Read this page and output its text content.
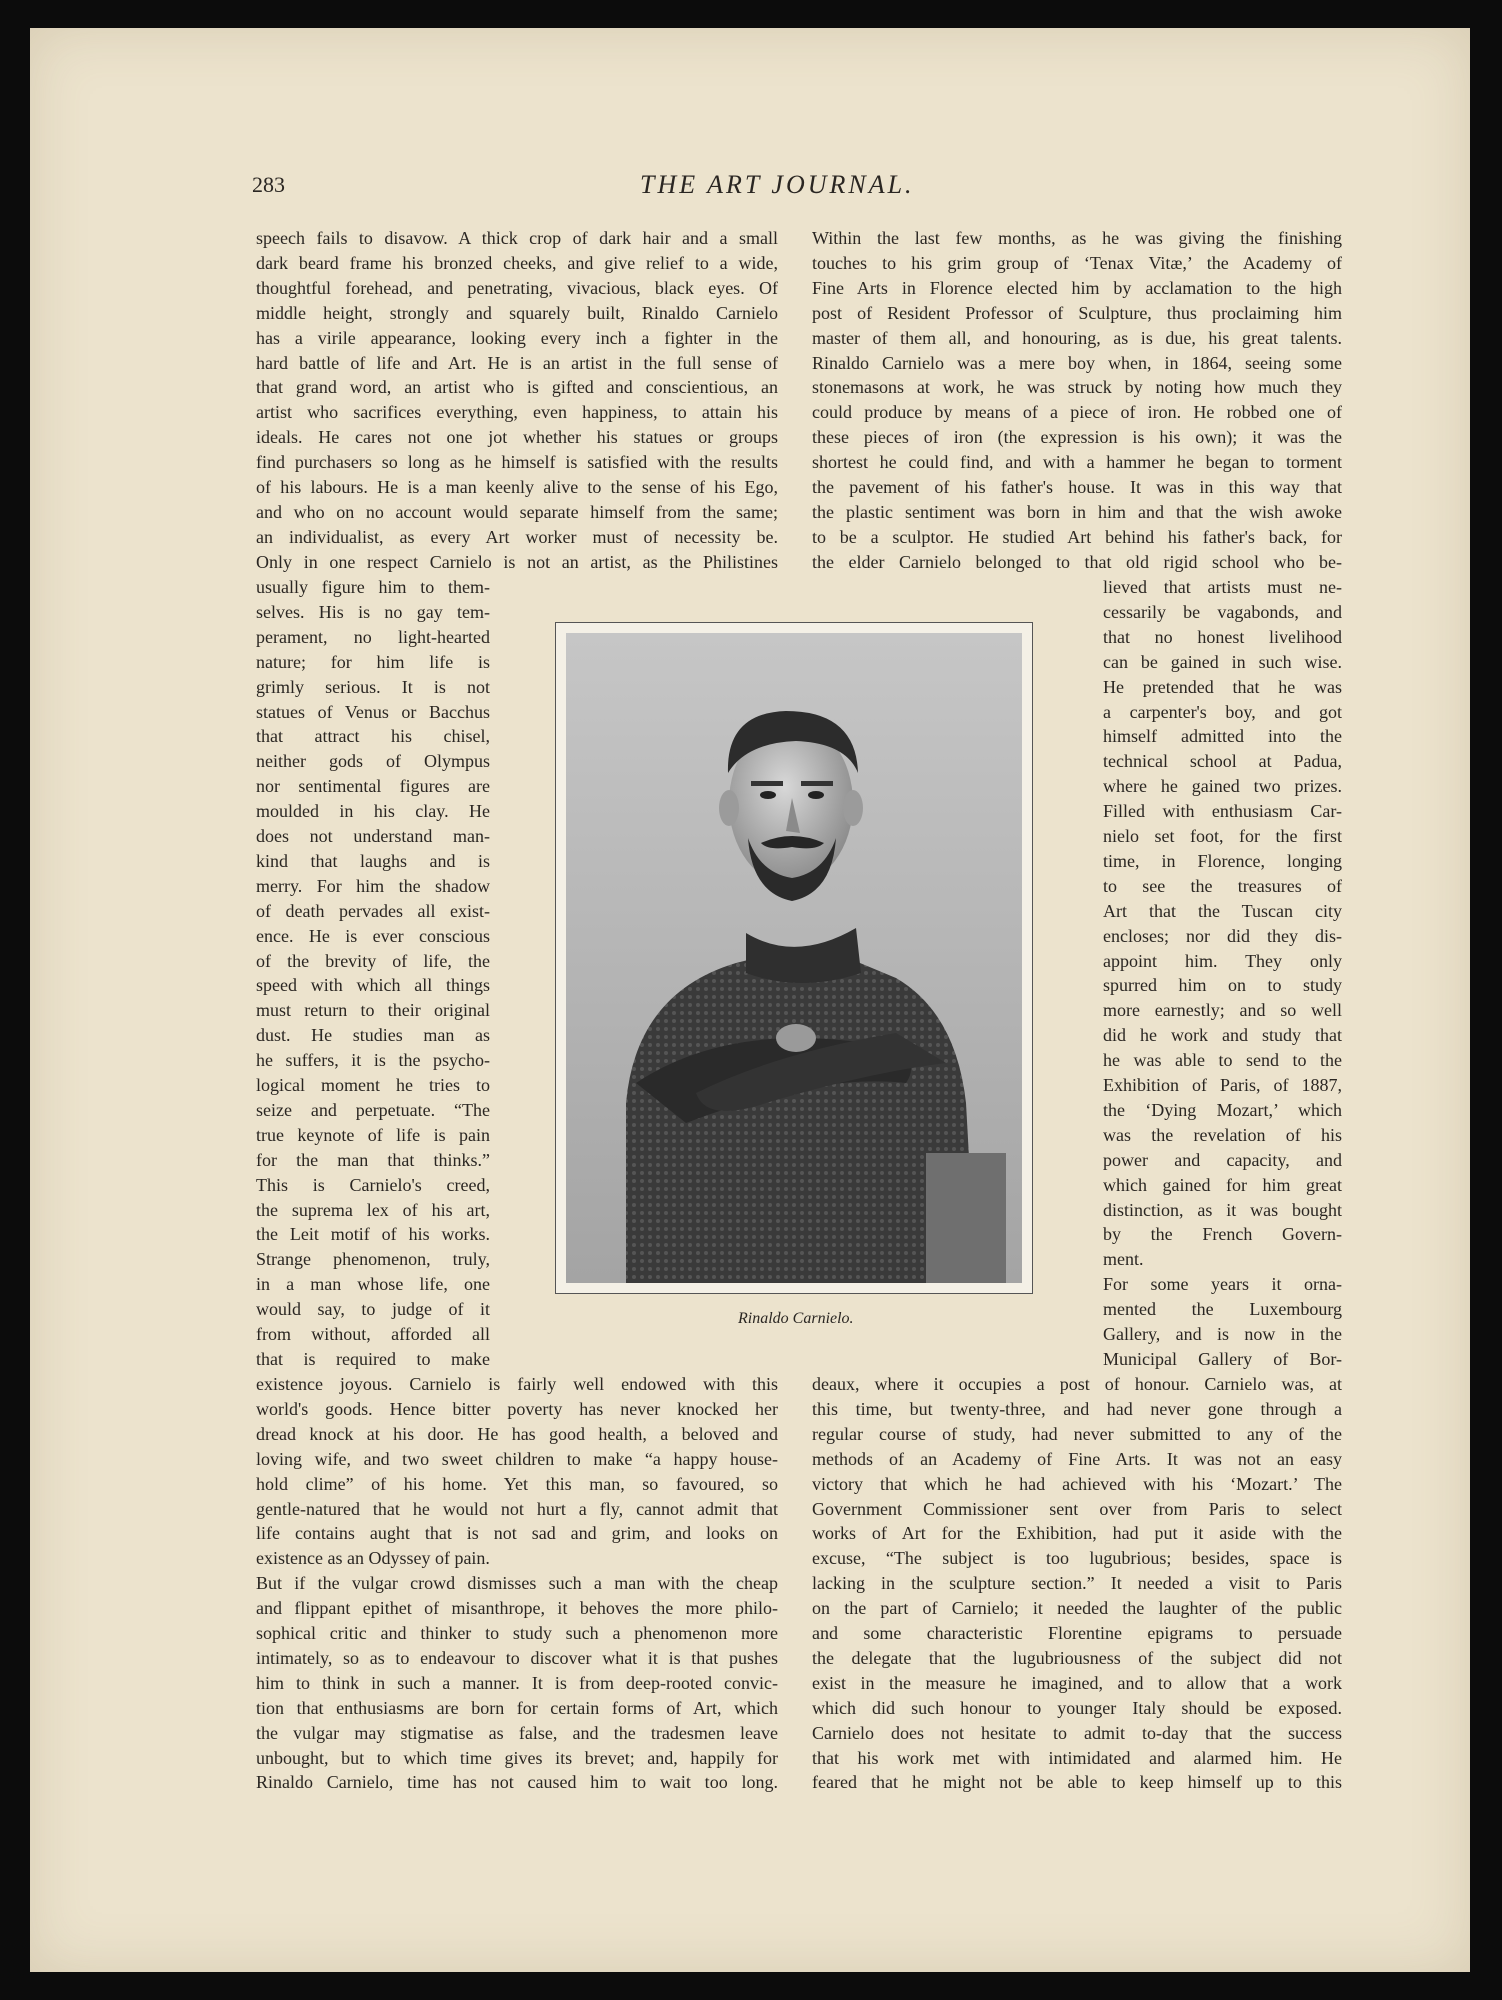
283	THE ART JOURNAL.
Rinaldo Carnielo.
speech fails to disavow. A thick crop of dark hair and a small
dark beard frame his bronzed cheeks, and give relief to a wide,
thoughtful forehead, and penetrating, vivacious, black eyes. Of
middle height, strongly and squarely built, Rinaldo Carnielo
has a virile appearance, looking every inch a fighter in the
hard battle of life and Art. He is an artist in the full sense of
that grand word, an artist who is gifted and conscientious, an
artist who sacrifices everything, even happiness, to attain his
ideals. He cares not one jot whether his statues or groups
find purchasers so long as he himself is satisfied with the results
of his labours. He is a man keenly alive to the sense of his Ego,
and who on no account would separate himself from the same;
an individualist, as every Art worker must of necessity be.
Only in one respect Carnielo is not an artist, as the Philistines
usually figure him to them-
selves. His is no gay tem-
perament, no light-hearted
nature; for him life is
grimly serious. It is not
statues of Venus or Bacchus
that attract his chisel,
neither gods of Olympus
nor sentimental figures are
moulded in his clay. He
does not understand man-
kind that laughs and is
merry. For him the shadow
of death pervades all exist-
ence. He is ever conscious
of the brevity of life, the
speed with which all things
must return to their original
dust. He studies man as
he suffers, it is the psycho-
logical moment he tries to
seize and perpetuate. “The
true keynote of life is pain
for the man that thinks.”
This is Carnielo's creed,
the suprema lex of his art,
the Leit motif of his works.
Strange phenomenon, truly,
in a man whose life, one
would say, to judge of it
from without, afforded all
that is required to make
existence joyous. Carnielo is fairly well endowed with this
world's goods. Hence bitter poverty has never knocked her
dread knock at his door. He has good health, a beloved and
loving wife, and two sweet children to make “a happy house-
hold clime” of his home. Yet this man, so favoured, so
gentle-natured that he would not hurt a fly, cannot admit that
life contains aught that is not sad and grim, and looks on
existence as an Odyssey of pain.
But if the vulgar crowd dismisses such a man with the cheap
and flippant epithet of misanthrope, it behoves the more philo-
sophical critic and thinker to study such a phenomenon more
intimately, so as to endeavour to discover what it is that pushes
him to think in such a manner. It is from deep-rooted convic-
tion that enthusiasms are born for certain forms of Art, which
the vulgar may stigmatise as false, and the tradesmen leave
unbought, but to which time gives its brevet; and, happily for
Rinaldo Carnielo, time has not caused him to wait too long.
Within the last few months, as he was giving the finishing
touches to his grim group of ‘Tenax Vitæ,’ the Academy of
Fine Arts in Florence elected him by acclamation to the high
post of Resident Professor of Sculpture, thus proclaiming him
master of them all, and honouring, as is due, his great talents.
Rinaldo Carnielo was a mere boy when, in 1864, seeing some
stonemasons at work, he was struck by noting how much they
could produce by means of a piece of iron. He robbed one of
these pieces of iron (the expression is his own); it was the
shortest he could find, and with a hammer he began to torment
the pavement of his father's house. It was in this way that
the plastic sentiment was born in him and that the wish awoke
to be a sculptor. He studied Art behind his father's back, for
the elder Carnielo belonged to that old rigid school who be-
lieved that artists must ne-
cessarily be vagabonds, and
that no honest livelihood
can be gained in such wise.
He pretended that he was
a carpenter's boy, and got
himself admitted into the
technical school at Padua,
where he gained two prizes.
Filled with enthusiasm Car-
nielo set foot, for the first
time, in Florence, longing
to see the treasures of
Art that the Tuscan city
encloses; nor did they dis-
appoint him. They only
spurred him on to study
more earnestly; and so well
did he work and study that
he was able to send to the
Exhibition of Paris, of 1887,
the ‘Dying Mozart,’ which
was the revelation of his
power and capacity, and
which gained for him great
distinction, as it was bought
by the French Govern-
ment.
For some years it orna-
mented the Luxembourg
Gallery, and is now in the
Municipal Gallery of Bor-
deaux, where it occupies a post of honour. Carnielo was, at
this time, but twenty-three, and had never gone through a
regular course of study, had never submitted to any of the
methods of an Academy of Fine Arts. It was not an easy
victory that which he had achieved with his ‘Mozart.’ The
Government Commissioner sent over from Paris to select
works of Art for the Exhibition, had put it aside with the
excuse, “The subject is too lugubrious; besides, space is
lacking in the sculpture section.” It needed a visit to Paris
on the part of Carnielo; it needed the laughter of the public
and some characteristic Florentine epigrams to persuade
the delegate that the lugubriousness of the subject did not
exist in the measure he imagined, and to allow that a work
which did such honour to younger Italy should be exposed.
Carnielo does not hesitate to admit to-day that the success
that his work met with intimidated and alarmed him. He
feared that he might not be able to keep himself up to this
